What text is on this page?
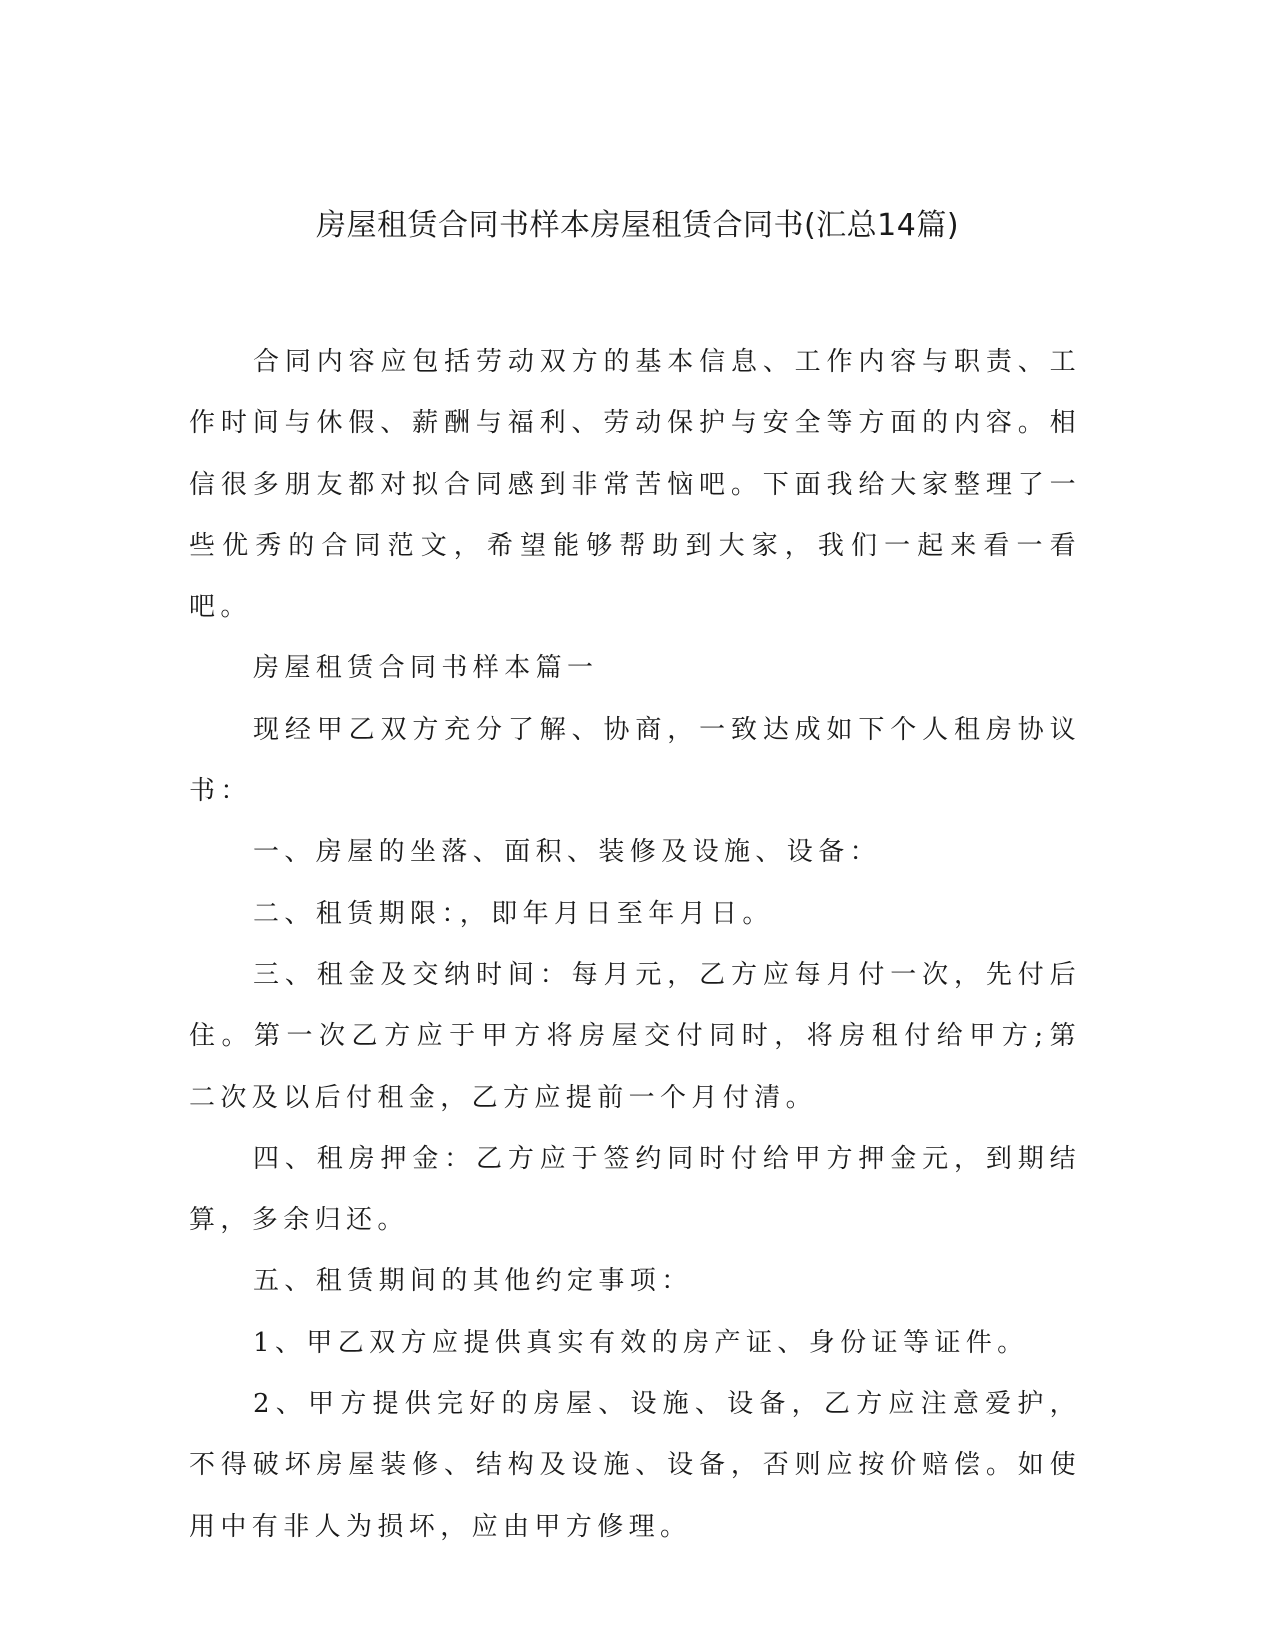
房屋租赁合同书样本房屋租赁合同书(汇总14篇)

合同内容应包括劳动双方的基本信息、工作内容与职责、工作时间与休假、薪酬与福利、劳动保护与安全等方面的内容。相信很多朋友都对拟合同感到非常苦恼吧。下面我给大家整理了一些优秀的合同范文，希望能够帮助到大家，我们一起来看一看吧。

房屋租赁合同书样本篇一

现经甲乙双方充分了解、协商，一致达成如下个人租房协议书：

一、房屋的坐落、面积、装修及设施、设备：

二、租赁期限：，即年月日至年月日。

三、租金及交纳时间：每月元，乙方应每月付一次，先付后住。第一次乙方应于甲方将房屋交付同时，将房租付给甲方;第二次及以后付租金，乙方应提前一个月付清。

四、租房押金：乙方应于签约同时付给甲方押金元，到期结算，多余归还。

五、租赁期间的其他约定事项：

1、甲乙双方应提供真实有效的房产证、身份证等证件。

2、甲方提供完好的房屋、设施、设备，乙方应注意爱护，不得破坏房屋装修、结构及设施、设备，否则应按价赔偿。如使用中有非人为损坏，应由甲方修理。
